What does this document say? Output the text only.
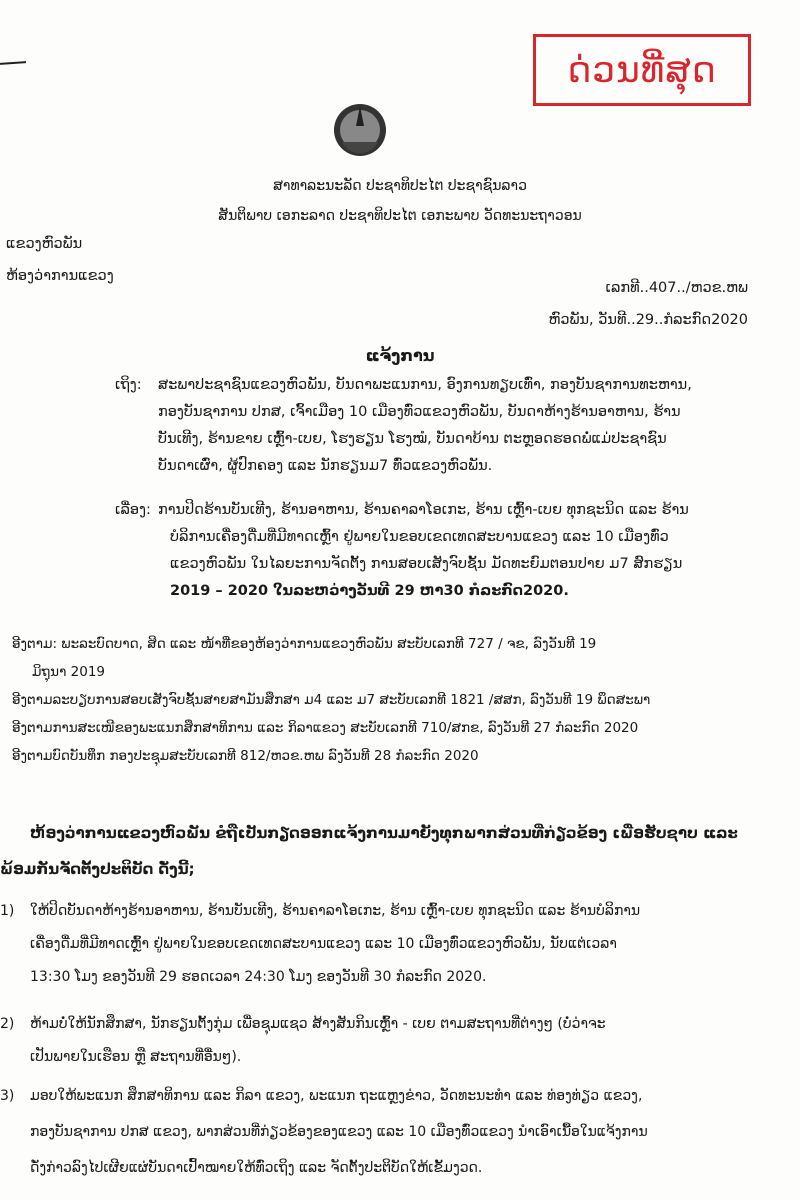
ດ່ວນທີ່ສຸດ
ສາທາລະນະລັດ ປະຊາທິປະໄຕ ປະຊາຊົນລາວ
ສັນຕິພາບ ເອກະລາດ ປະຊາທິປະໄຕ ເອກະພາບ ວັດທະນະຖາວອນ
ແຂວງຫົວພັນ
ຫ້ອງວ່າການແຂວງ
ເລກທີ..407../ຫວຂ.ຫພ
ຫົວພັນ, ວັນທີ..29..ກໍລະກົດ2020
ແຈ້ງການ
ເຖິງ: ສະພາປະຊາຊົນແຂວງຫົວພັນ, ບັນດາພະແນການ, ອົງການທຽບເທົ່າ, ກອງບັນຊາການທະຫານ,
ກອງບັນຊາການ ປກສ, ເຈົ້າເມືອງ 10 ເມືອງທົ່ວແຂວງຫົວພັນ, ບັນດາຫ້າງຮ້ານອາຫານ, ຮ້ານ
ບັນເທີງ, ຮ້ານຂາຍ ເຫຼົ້າ-ເບຍ, ໂຮງຮຽນ ໂຮງໝໍ, ບັນດາບ້ານ ຕະຫຼອດຮອດພໍ່ແມ່ປະຊາຊົນ
ບັນດາເຜົ່າ, ຜູ້ປົກຄອງ ແລະ ນັກຮຽນມ7 ທົ່ວແຂວງຫົວພັນ.
ເລື່ອງ: ການປິດຮ້ານບັນເທີງ, ຮ້ານອາຫານ, ຮ້ານຄາລາໂອເກະ, ຮ້ານ ເຫຼົ້າ-ເບຍ ທຸກຊະນິດ ແລະ ຮ້ານ
ບໍລິການເຄື່ອງດື່ມທີ່ມີທາດເຫຼົ້າ ຢູ່ພາຍໃນຂອບເຂດເທດສະບານແຂວງ ແລະ 10 ເມືອງທົ່ວ
ແຂວງຫົວພັນ ໃນໄລຍະການຈັດຕັ້ງ ການສອບເສັງຈົບຊັ້ນ ມັດທະຍົມຕອນປາຍ ມ7 ສົກຮຽນ
2019 – 2020 ໃນລະຫວ່າງວັນທີ 29 ຫາ30 ກໍລະກົດ2020.
ອີງຕາມ: ພະລະບົດບາດ, ສິດ ແລະ ໜ້າທີ່ຂອງຫ້ອງວ່າການແຂວງຫົວພັນ ສະບັບເລກທີ 727 / ຈຂ, ລົງວັນທີ 19
ມິຖຸນາ 2019
ອີງຕາມລະບຽບການສອບເສັງຈົບຊັ້ນສາຍສາມັນສຶກສາ ມ4 ແລະ ມ7 ສະບັບເລກທີ 1821 /ສສກ, ລົງວັນທີ 19 ພຶດສະພາ
ອີງຕາມການສະເໜີຂອງພະແນກສຶກສາທິການ ແລະ ກິລາແຂວງ ສະບັບເລກທີ 710/ສກຂ, ລົງວັນທີ 27 ກໍລະກົດ 2020
ອີງຕາມບົດບັນທຶກ ກອງປະຊຸມສະບັບເລກທີ 812/ຫວຂ.ຫພ ລົງວັນທີ 28 ກໍລະກົດ 2020
ຫ້ອງວ່າການແຂວງຫົວພັນ ຂໍຖືເປັນກຽດອອກແຈ້ງການມາຍັງທຸກພາກສ່ວນທີ່ກ່ຽວຂ້ອງ ເພື່ອຮັບຊາບ ແລະ
ພ້ອມກັນຈັດຕັ້ງປະຕິບັດ ດັ່ງນີ້;
1) ໃຫ້ປິດບັນດາຫ້າງຮ້ານອາຫານ, ຮ້ານບັນເທີງ, ຮ້ານຄາລາໂອເກະ, ຮ້ານ ເຫຼົ້າ-ເບຍ ທຸກຊະນິດ ແລະ ຮ້ານບໍລິການ
ເຄື່ອງດື່ມທີ່ມີທາດເຫຼົ້າ ຢູ່ພາຍໃນຂອບເຂດເທດສະບານແຂວງ ແລະ 10 ເມືອງທົ່ວແຂວງຫົວພັນ, ນັບແຕ່ເວລາ
13:30 ໂມງ ຂອງວັນທີ 29 ຮອດເວລາ 24:30 ໂມງ ຂອງວັນທີ 30 ກໍລະກົດ 2020.
2) ຫ້າມບໍ່ໃຫ້ນັກສຶກສາ, ນັກຮຽນຕັ້ງກຸ່ມ ເພື່ອຊຸມແຊວ ສ້າງສັນກິນເຫຼົ້າ - ເບຍ ຕາມສະຖານທີ່ຕ່າງໆ (ບໍ່ວ່າຈະ
ເປັນພາຍໃນເຮືອນ ຫຼື ສະຖານທີ່ອື່ນໆ).
3) ມອບໃຫ້ພະແນກ ສຶກສາທິການ ແລະ ກິລາ ແຂວງ, ພະແນກ ຖະແຫຼງຂ່າວ, ວັດທະນະທຳ ແລະ ທ່ອງທ່ຽວ ແຂວງ,
ກອງບັນຊາການ ປກສ ແຂວງ, ພາກສ່ວນທີ່ກ່ຽວຂ້ອງຂອງແຂວງ ແລະ 10 ເມືອງທົ່ວແຂວງ ນຳເອົາເນື້ອໃນແຈ້ງການ
ດັ່ງກ່າວລົງໄປເຜີຍແຜ່ບັນດາເປົ້າໝາຍໃຫ້ທົ່ວເຖິງ ແລະ ຈັດຕັ້ງປະຕິບັດໃຫ້ເຂັ້ມງວດ.
